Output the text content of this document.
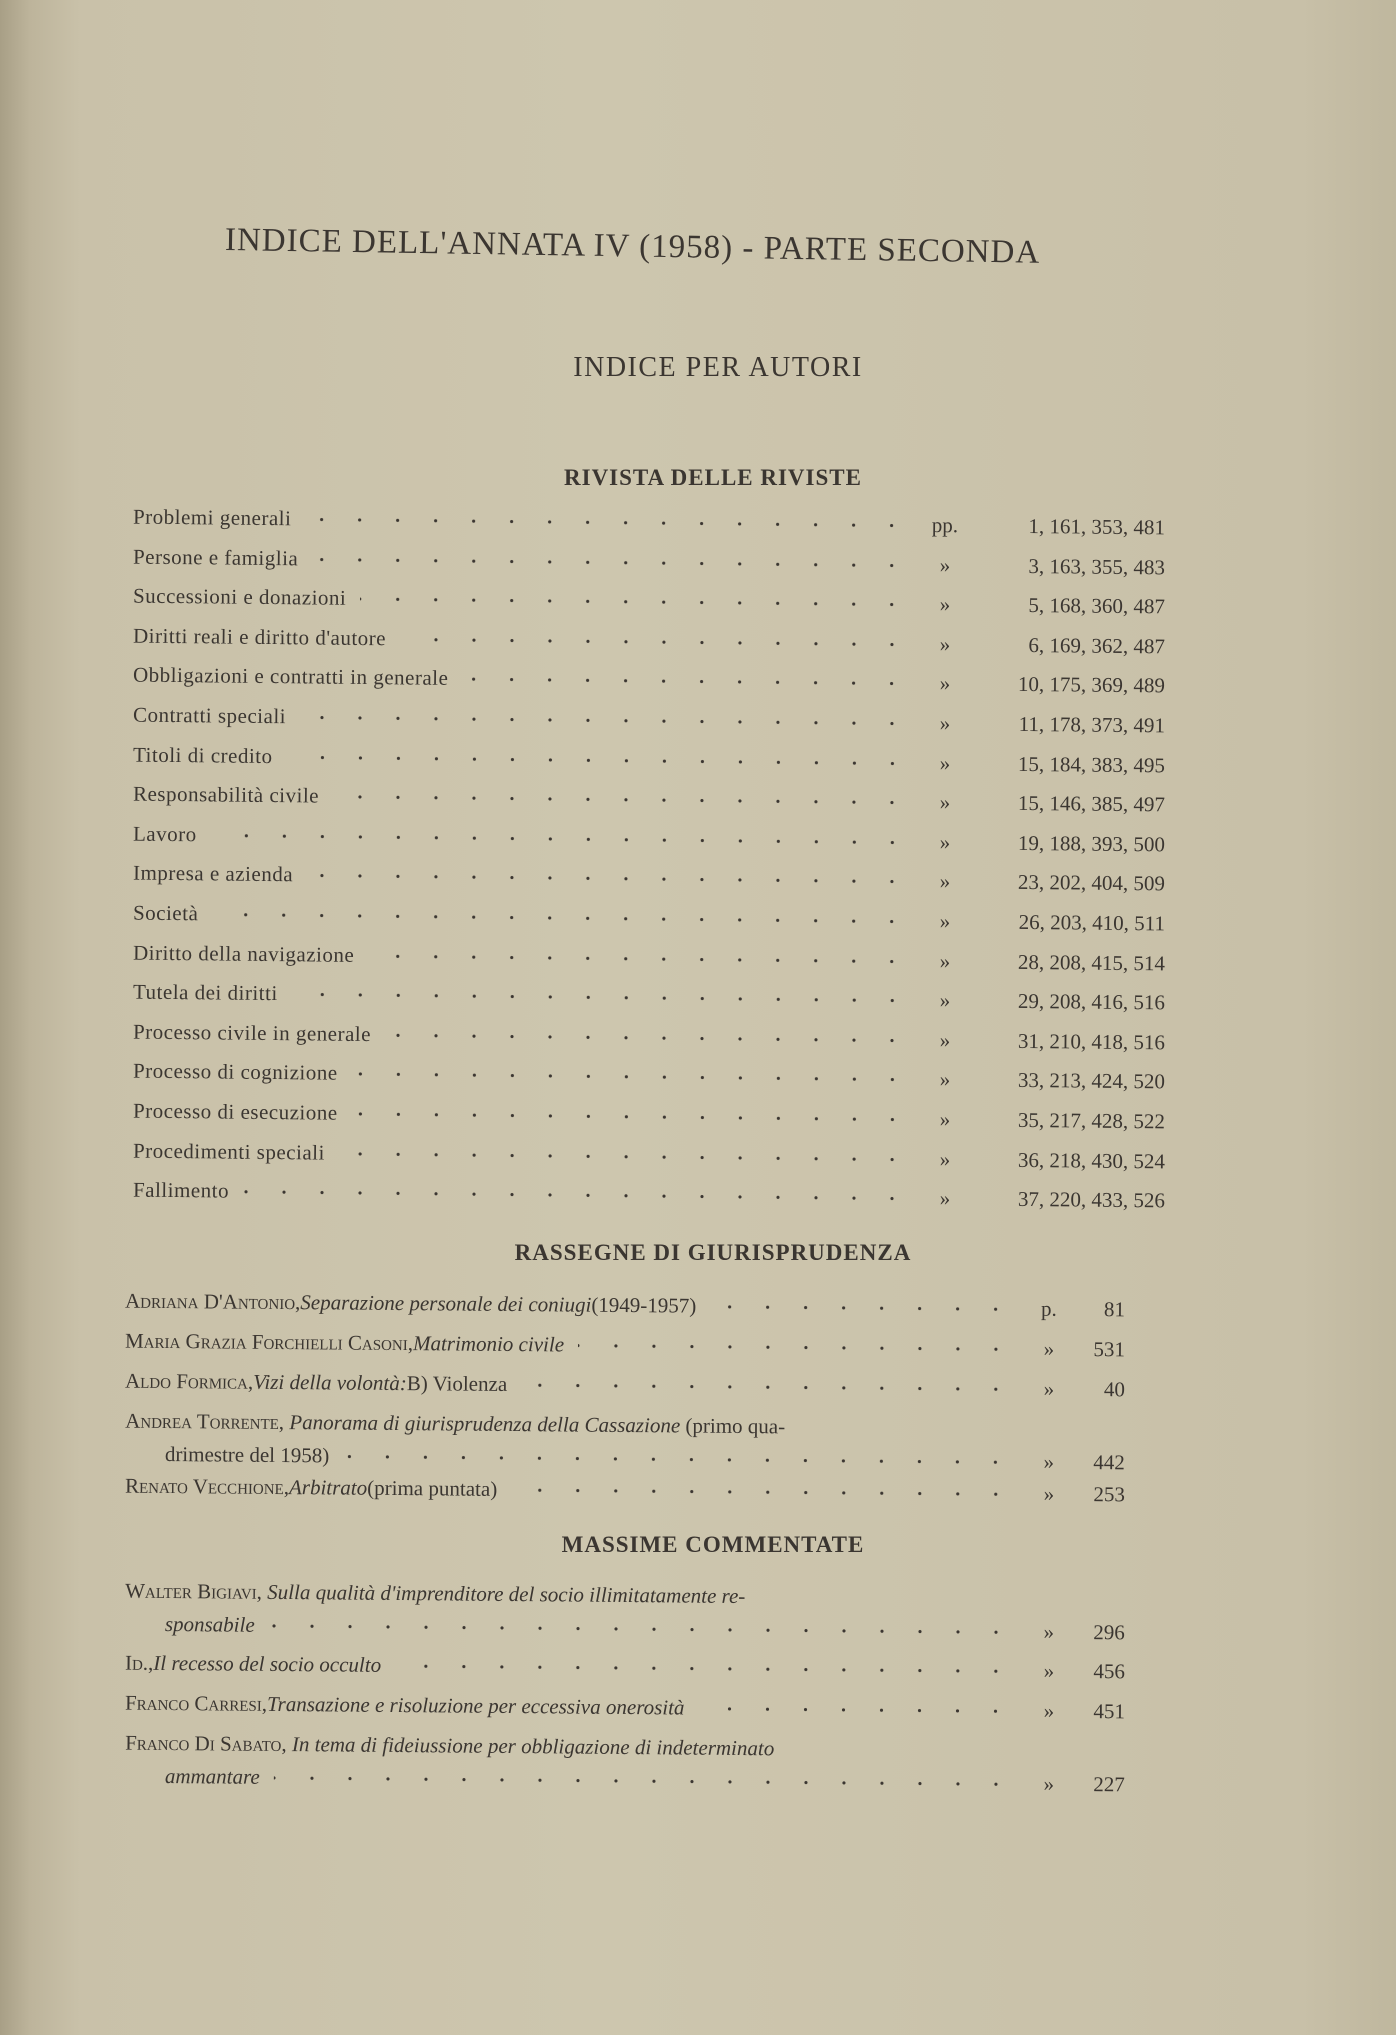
INDICE DELL'ANNATA IV (1958) - PARTE SECONDA
INDICE PER AUTORI
RIVISTA DELLE RIVISTE
Problemi generali	pp.	1, 161, 353, 481
Persone e famiglia	»	3, 163, 355, 483
Successioni e donazioni	»	5, 168, 360, 487
Diritti reali e diritto d'autore	»	6, 169, 362, 487
Obbligazioni e contratti in generale	»	10, 175, 369, 489
Contratti speciali	»	11, 178, 373, 491
Titoli di credito	»	15, 184, 383, 495
Responsabilità civile	»	15, 146, 385, 497
Lavoro	»	19, 188, 393, 500
Impresa e azienda	»	23, 202, 404, 509
Società	»	26, 203, 410, 511
Diritto della navigazione	»	28, 208, 415, 514
Tutela dei diritti	»	29, 208, 416, 516
Processo civile in generale	»	31, 210, 418, 516
Processo di cognizione	»	33, 213, 424, 520
Processo di esecuzione	»	35, 217, 428, 522
Procedimenti speciali	»	36, 218, 430, 524
Fallimento	»	37, 220, 433, 526
RASSEGNE DI GIURISPRUDENZA
Adriana D'Antonio, Separazione personale dei coniugi (1949-1957)	p.	81
Maria Grazia Forchielli Casoni, Matrimonio civile	»	531
Aldo Formica, Vizi della volontà: B) Violenza	»	40
Andrea Torrente, Panorama di giurisprudenza della Cassazione (primo qua-
drimestre del 1958)	»	442
Renato Vecchione, Arbitrato (prima puntata)	»	253
MASSIME COMMENTATE
Walter Bigiavi, Sulla qualità d'imprenditore del socio illimitatamente re-
sponsabile	»	296
Id., Il recesso del socio occulto	»	456
Franco Carresi, Transazione e risoluzione per eccessiva onerosità	»	451
Franco Di Sabato, In tema di fideiussione per obbligazione di indeterminato
ammantare	»	227
